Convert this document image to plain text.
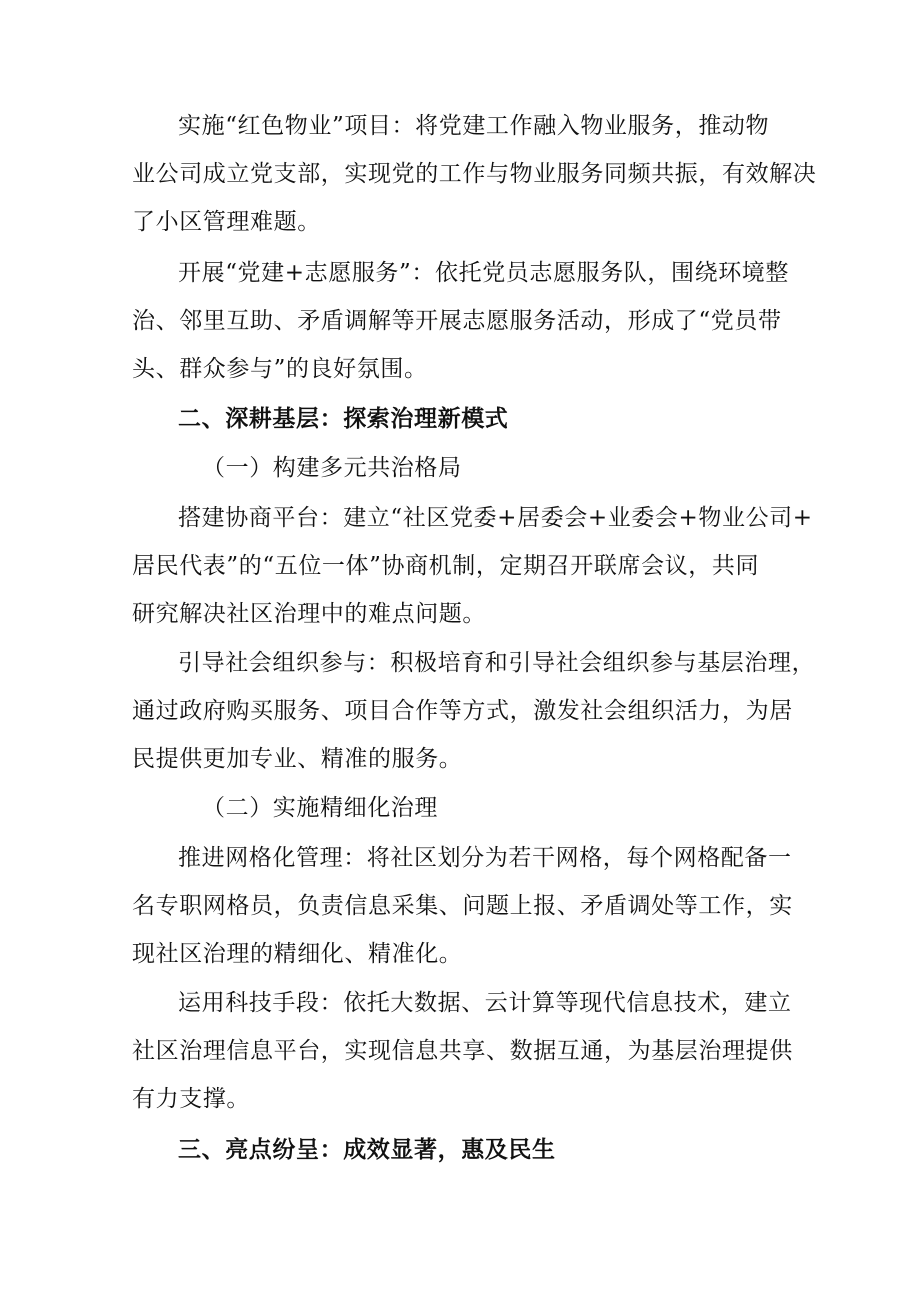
实施“红色物业”项目：将党建工作融入物业服务，推动物
业公司成立党支部，实现党的工作与物业服务同频共振，有效解决
了小区管理难题。
开展“党建+志愿服务”：依托党员志愿服务队，围绕环境整
治、邻里互助、矛盾调解等开展志愿服务活动，形成了“党员带
头、群众参与”的良好氛围。
二、深耕基层：探索治理新模式
（一）构建多元共治格局
搭建协商平台：建立“社区党委+居委会+业委会+物业公司+
居民代表”的“五位一体”协商机制，定期召开联席会议，共同
研究解决社区治理中的难点问题。
引导社会组织参与：积极培育和引导社会组织参与基层治理，
通过政府购买服务、项目合作等方式，激发社会组织活力，为居
民提供更加专业、精准的服务。
（二）实施精细化治理
推进网格化管理：将社区划分为若干网格，每个网格配备一
名专职网格员，负责信息采集、问题上报、矛盾调处等工作，实
现社区治理的精细化、精准化。
运用科技手段：依托大数据、云计算等现代信息技术，建立
社区治理信息平台，实现信息共享、数据互通，为基层治理提供
有力支撑。
三、亮点纷呈：成效显著，惠及民生
